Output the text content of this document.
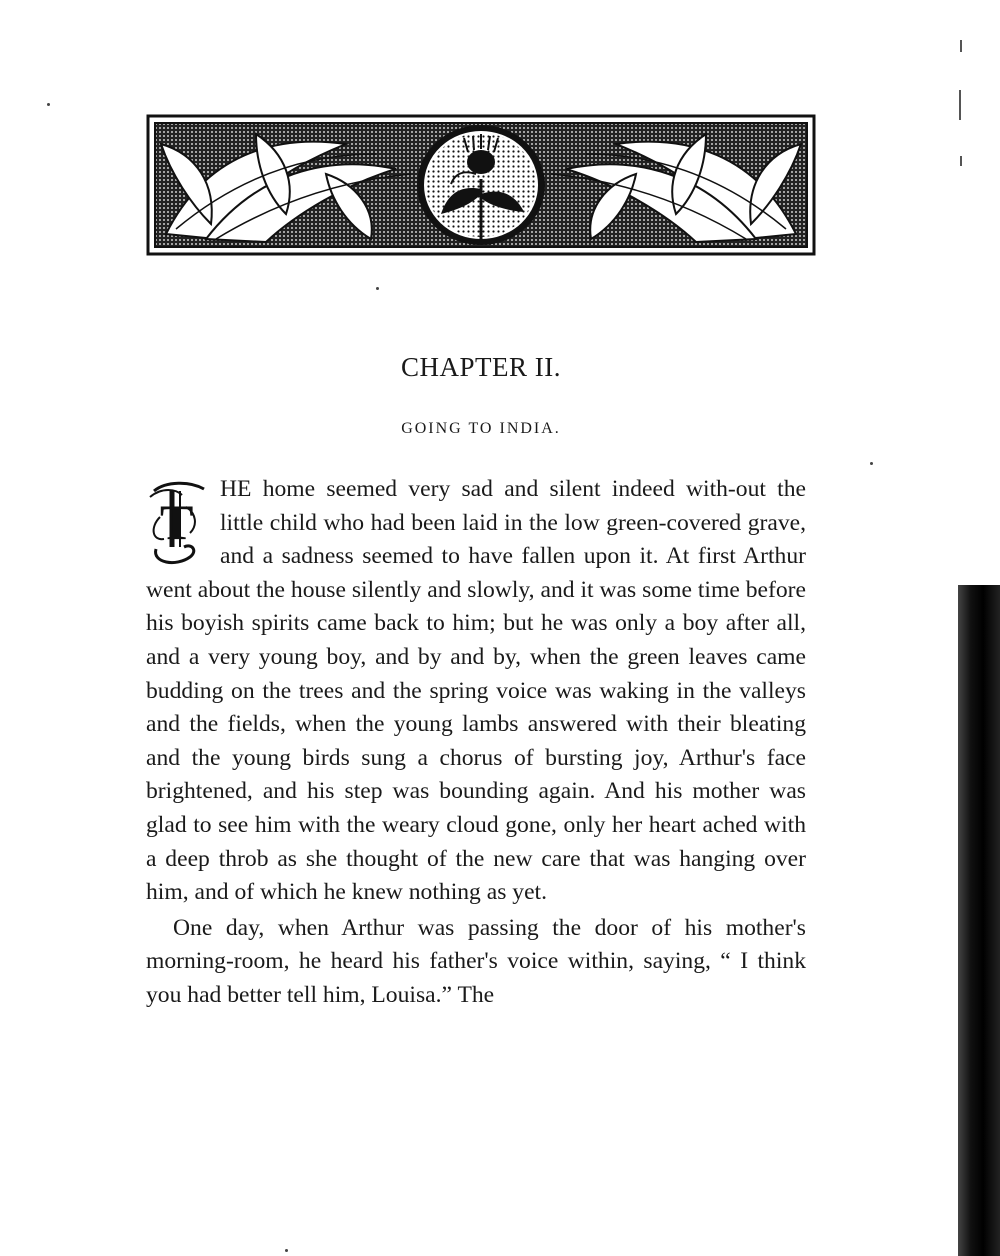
CHAPTER II.
GOING TO INDIA.

T
HE home seemed very sad and silent indeed with-out the little child who had been laid in the low green-covered grave, and a sadness seemed to have fallen upon it. At first Arthur went about the house silently and slowly, and it was some time before his boyish spirits came back to him; but he was only a boy after all, and a very young boy, and by and by, when the green leaves came budding on the trees and the spring voice was waking in the valleys and the fields, when the young lambs answered with their bleating and the young birds sung a chorus of bursting joy, Arthur's face brightened, and his step was bounding again. And his mother was glad to see him with the weary cloud gone, only her heart ached with a deep throb as she thought of the new care that was hanging over him, and of which he knew nothing as yet.

One day, when Arthur was passing the door of his mother's morning-room, he heard his father's voice within, saying, “ I think you had better tell him, Louisa.” The
